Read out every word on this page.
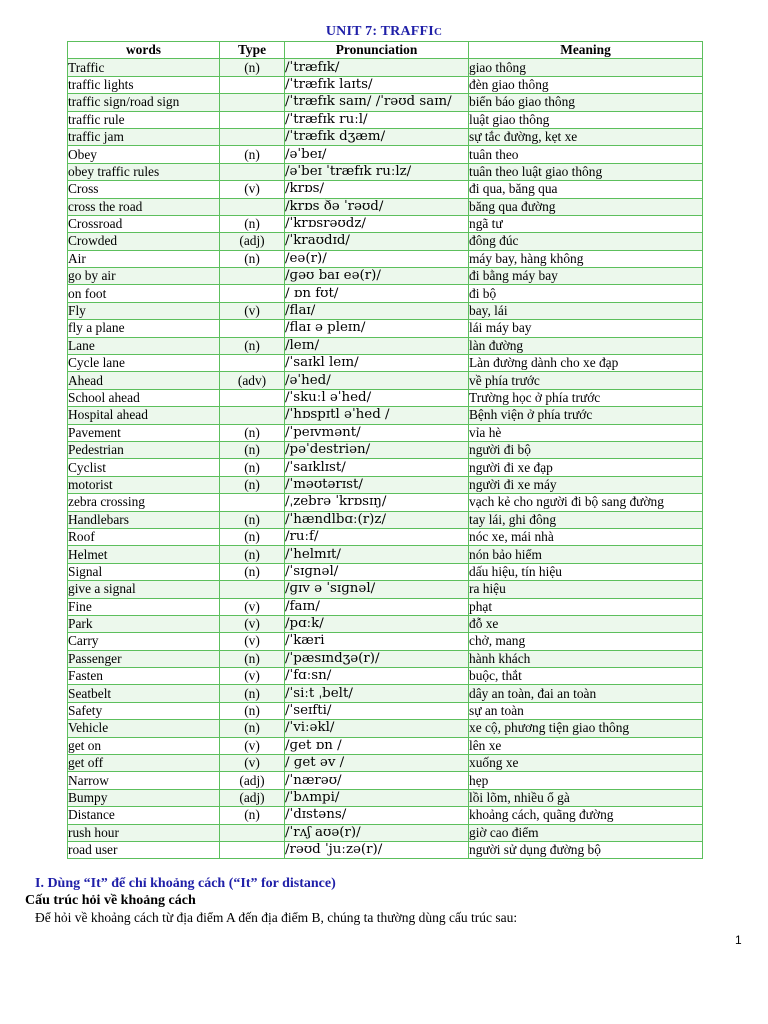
UNIT 7: TRAFFIC
words	Type	Pronunciation	Meaning
Traffic	(n)	/ˈtræfɪk/	giao thông
traffic lights		/ˈtræfɪk laɪts/	đèn giao thông
traffic sign/road sign		/ˈtræfɪk saɪn/ /ˈrəʊd saɪn/	biển báo giao thông
traffic rule		/ˈtræfɪk ruːl/	luật giao thông
traffic jam		/ˈtræfɪk dʒæm/	sự tắc đường, kẹt xe
Obey	(n)	/əˈbeɪ/	tuân theo
obey traffic rules		/əˈbeɪ ˈtræfɪk ruːlz/	tuân theo luật giao thông
Cross	(v)	/krɒs/	đi qua, băng qua
cross the road		/krɒs ðə ˈrəʊd/	băng qua đường
Crossroad	(n)	/ˈkrɒsrəʊdz/	ngã tư
Crowded	(adj)	/ˈkraʊdɪd/	đông đúc
Air	(n)	/eə(r)/	máy bay, hàng không
go by air		/ɡəʊ baɪ eə(r)/	đi bằng máy bay
on foot		/ ɒn fʊt/	đi bộ
Fly	(v)	/flaɪ/	bay, lái
fly a plane		/flaɪ ə pleɪn/	lái máy bay
Lane	(n)	/leɪn/	làn đường
Cycle lane		/ˈsaɪkl leɪn/	Làn đường dành cho xe đạp
Ahead	(adv)	/əˈhed/	về phía trước
School ahead		/ˈskuːl əˈhed/	Trường học ở phía trước
Hospital ahead		/ˈhɒspɪtl əˈhed /	Bệnh viện ở phía trước
Pavement	(n)	/ˈpeɪvmənt/	vỉa hè
Pedestrian	(n)	/pəˈdestriən/	người đi bộ
Cyclist	(n)	/ˈsaɪklɪst/	người đi xe đạp
motorist	(n)	/ˈməʊtərɪst/	người đi xe máy
zebra crossing		/ˌzebrə ˈkrɒsɪŋ/	vạch kẻ cho người đi bộ sang đường
Handlebars	(n)	/ˈhændlbɑː(r)z/	tay lái, ghi đông
Roof	(n)	/ruːf/	nóc xe, mái nhà
Helmet	(n)	/ˈhelmɪt/	nón bảo hiểm
Signal	(n)	/ˈsɪɡnəl/	dấu hiệu, tín hiệu
give a signal		/ɡɪv ə ˈsɪɡnəl/	ra hiệu
Fine	(v)	/faɪn/	phạt
Park	(v)	/pɑːk/	đỗ xe
Carry	(v)	/ˈkæri	chở, mang
Passenger	(n)	/ˈpæsɪndʒə(r)/	hành khách
Fasten	(v)	/ˈfɑːsn/	buộc, thắt
Seatbelt	(n)	/ˈsiːt ˌbelt/	dây an toàn, đai an toàn
Safety	(n)	/ˈseɪfti/	sự an toàn
Vehicle	(n)	/ˈviːəkl/	xe cộ, phương tiện giao thông
get on	(v)	/ɡet ɒn /	lên xe
get off	(v)	/ ɡet əv /	xuống xe
Narrow	(adj)	/ˈnærəʊ/	hẹp
Bumpy	(adj)	/ˈbʌmpi/	lồi lõm, nhiều ổ gà
Distance	(n)	/ˈdɪstəns/	khoảng cách, quãng đường
rush hour		/ˈrʌʃ aʊə(r)/	giờ cao điểm
road user		/rəʊd ˈjuːzə(r)/	người sử dụng đường bộ
I. Dùng “It” để chỉ khoảng cách (“It” for distance)
Cấu trúc hỏi về khoảng cách
Để hỏi về khoảng cách từ địa điểm A đến địa điểm B, chúng ta thường dùng cấu trúc sau:
1
